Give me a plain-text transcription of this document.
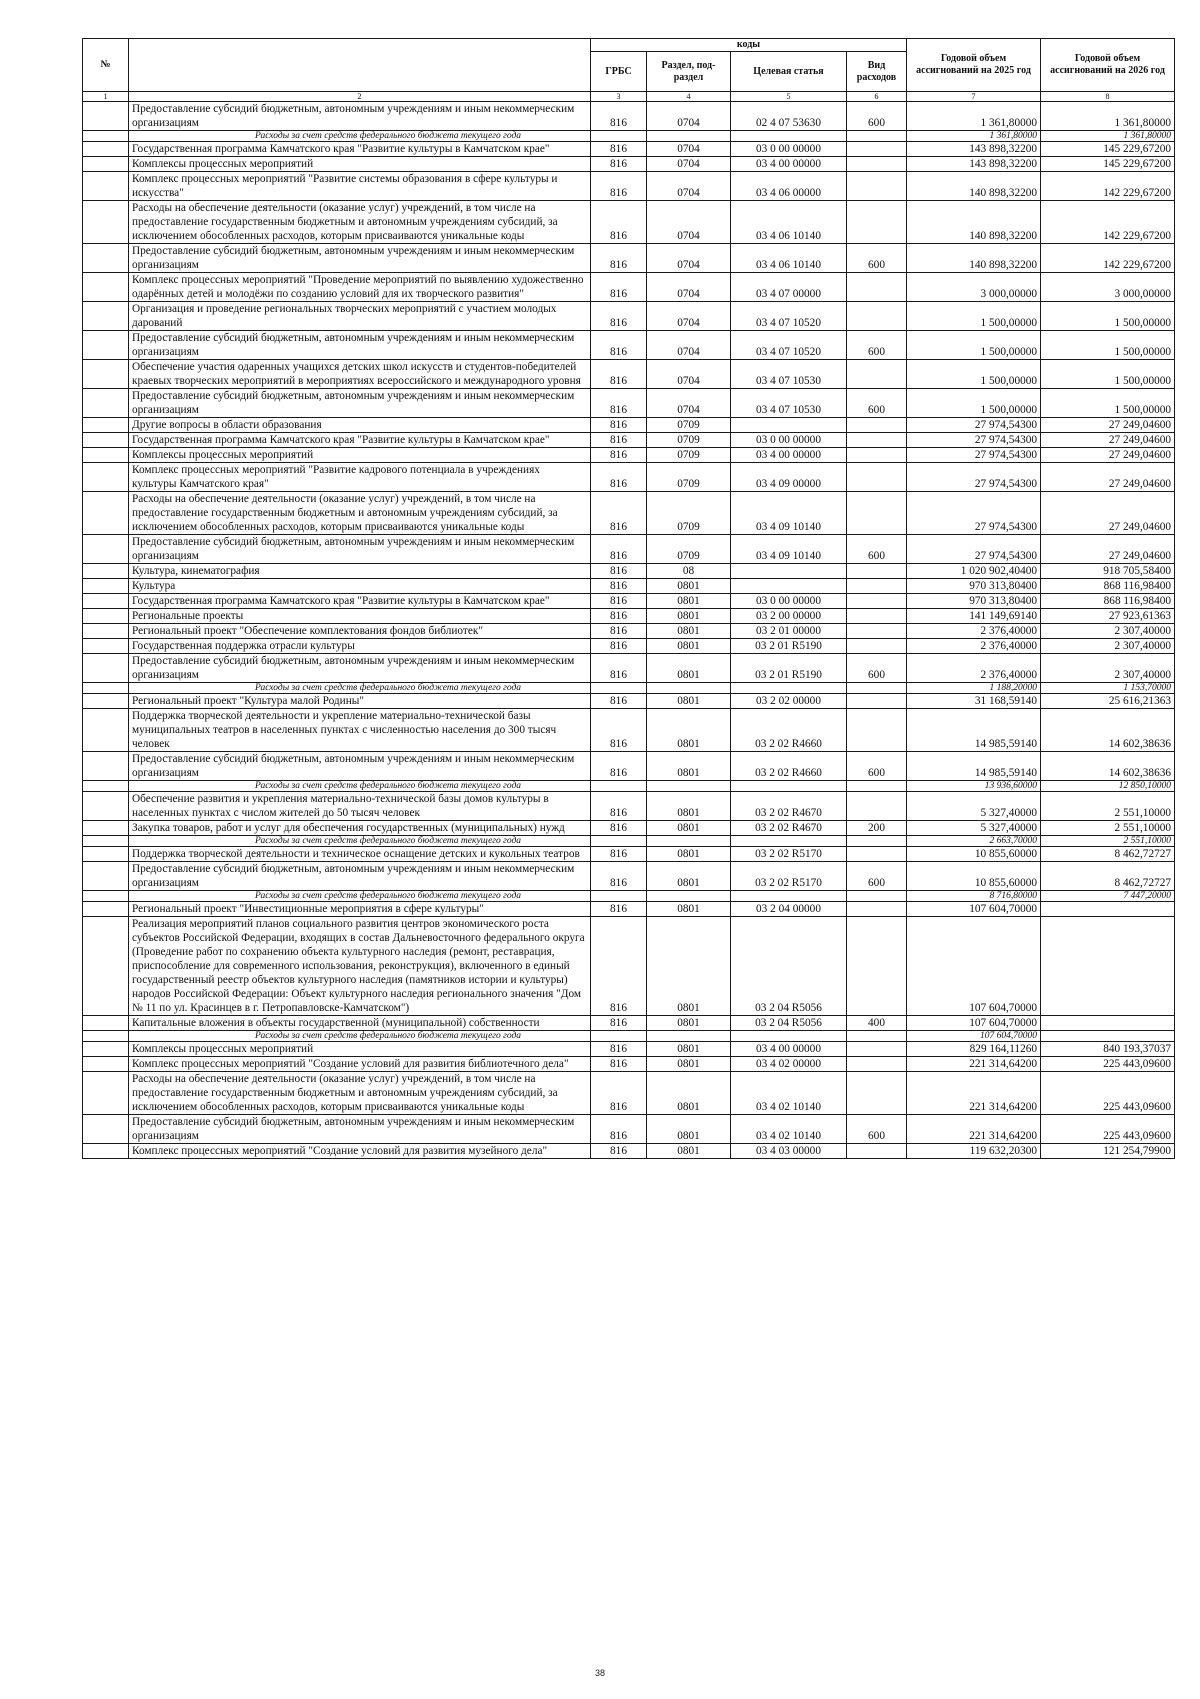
№		коды				Годовой объем ассигнований на 2025 год	Годовой объем ассигнований на 2026 год
		ГРБС	Раздел, под-раздел	Целевая статья	Вид расходов		
1	2	3	4	5	6	7	8
	Предоставление субсидий бюджетным, автономным учреждениям и иным некоммерческим организациям	816	0704	02 4 07 53630	600	1 361,80000	1 361,80000
	Расходы за счет средств федерального бюджета текущего года					1 361,80000	1 361,80000
	Государственная программа Камчатского края "Развитие культуры в Камчатском крае"	816	0704	03 0 00 00000		143 898,32200	145 229,67200
	Комплексы процессных мероприятий	816	0704	03 4 00 00000		143 898,32200	145 229,67200
	Комплекс процессных мероприятий "Развитие системы образования в сфере культуры и искусства"	816	0704	03 4 06 00000		140 898,32200	142 229,67200
	Расходы на обеспечение деятельности (оказание услуг) учреждений, в том числе на предоставление государственным бюджетным и автономным учреждениям субсидий, за исключением обособленных расходов, которым присваиваются уникальные коды	816	0704	03 4 06 10140		140 898,32200	142 229,67200
	Предоставление субсидий бюджетным, автономным учреждениям и иным некоммерческим организациям	816	0704	03 4 06 10140	600	140 898,32200	142 229,67200
	Комплекс процессных мероприятий "Проведение мероприятий по выявлению художественно одарённых детей и молодёжи по созданию условий для их творческого развития"	816	0704	03 4 07 00000		3 000,00000	3 000,00000
	Организация и проведение региональных творческих мероприятий с участием молодых дарований	816	0704	03 4 07 10520		1 500,00000	1 500,00000
	Предоставление субсидий бюджетным, автономным учреждениям и иным некоммерческим организациям	816	0704	03 4 07 10520	600	1 500,00000	1 500,00000
	Обеспечение участия одаренных учащихся детских школ искусств и студентов-победителей краевых творческих мероприятий в мероприятиях всероссийского и международного уровня	816	0704	03 4 07 10530		1 500,00000	1 500,00000
	Предоставление субсидий бюджетным, автономным учреждениям и иным некоммерческим организациям	816	0704	03 4 07 10530	600	1 500,00000	1 500,00000
	Другие вопросы в области образования	816	0709			27 974,54300	27 249,04600
	Государственная программа Камчатского края "Развитие культуры в Камчатском крае"	816	0709	03 0 00 00000		27 974,54300	27 249,04600
	Комплексы процессных мероприятий	816	0709	03 4 00 00000		27 974,54300	27 249,04600
	Комплекс процессных мероприятий "Развитие кадрового потенциала в учреждениях культуры Камчатского края"	816	0709	03 4 09 00000		27 974,54300	27 249,04600
	Расходы на обеспечение деятельности (оказание услуг) учреждений, в том числе на предоставление государственным бюджетным и автономным учреждениям субсидий, за исключением обособленных расходов, которым присваиваются уникальные коды	816	0709	03 4 09 10140		27 974,54300	27 249,04600
	Предоставление субсидий бюджетным, автономным учреждениям и иным некоммерческим организациям	816	0709	03 4 09 10140	600	27 974,54300	27 249,04600
	Культура, кинематография	816	08			1 020 902,40400	918 705,58400
	Культура	816	0801			970 313,80400	868 116,98400
	Государственная программа Камчатского края "Развитие культуры в Камчатском крае"	816	0801	03 0 00 00000		970 313,80400	868 116,98400
	Региональные проекты	816	0801	03 2 00 00000		141 149,69140	27 923,61363
	Региональный проект "Обеспечение комплектования фондов библиотек"	816	0801	03 2 01 00000		2 376,40000	2 307,40000
	Государственная поддержка отрасли культуры	816	0801	03 2 01 R5190		2 376,40000	2 307,40000
	Предоставление субсидий бюджетным, автономным учреждениям и иным некоммерческим организациям	816	0801	03 2 01 R5190	600	2 376,40000	2 307,40000
	Расходы за счет средств федерального бюджета текущего года					1 188,20000	1 153,70000
	Региональный проект "Культура малой Родины"	816	0801	03 2 02 00000		31 168,59140	25 616,21363
	Поддержка творческой деятельности и укрепление материально-технической базы муниципальных театров в населенных пунктах с численностью населения до 300 тысяч человек	816	0801	03 2 02 R4660		14 985,59140	14 602,38636
	Предоставление субсидий бюджетным, автономным учреждениям и иным некоммерческим организациям	816	0801	03 2 02 R4660	600	14 985,59140	14 602,38636
	Расходы за счет средств федерального бюджета текущего года					13 936,60000	12 850,10000
	Обеспечение развития и укрепления материально-технической базы домов культуры в населенных пунктах с числом жителей до 50 тысяч человек	816	0801	03 2 02 R4670		5 327,40000	2 551,10000
	Закупка товаров, работ и услуг для обеспечения государственных (муниципальных) нужд	816	0801	03 2 02 R4670	200	5 327,40000	2 551,10000
	Расходы за счет средств федерального бюджета текущего года					2 663,70000	2 551,10000
	Поддержка творческой деятельности и техническое оснащение детских и кукольных театров	816	0801	03 2 02 R5170		10 855,60000	8 462,72727
	Предоставление субсидий бюджетным, автономным учреждениям и иным некоммерческим организациям	816	0801	03 2 02 R5170	600	10 855,60000	8 462,72727
	Расходы за счет средств федерального бюджета текущего года					8 716,80000	7 447,20000
	Региональный проект "Инвестиционные мероприятия в сфере культуры"	816	0801	03 2 04 00000		107 604,70000	
	Реализация мероприятий планов социального развития центров экономического роста субъектов Российской Федерации, входящих в состав Дальневосточного федерального округа (Проведение работ по сохранению объекта культурного наследия (ремонт, реставрация, приспособление для современного использования, реконструкция), включенного в единый государственный реестр объектов культурного наследия (памятников истории и культуры) народов Российской Федерации: Объект культурного наследия регионального значения "Дом № 11 по ул. Красинцев в г. Петропавловске-Камчатском")	816	0801	03 2 04 R5056		107 604,70000	
	Капитальные вложения в объекты государственной (муниципальной) собственности	816	0801	03 2 04 R5056	400	107 604,70000	
	Расходы за счет средств федерального бюджета текущего года					107 604,70000	
	Комплексы процессных мероприятий	816	0801	03 4 00 00000		829 164,11260	840 193,37037
	Комплекс процессных мероприятий "Создание условий для развития библиотечного дела"	816	0801	03 4 02 00000		221 314,64200	225 443,09600
	Расходы на обеспечение деятельности (оказание услуг) учреждений, в том числе на предоставление государственным бюджетным и автономным учреждениям субсидий, за исключением обособленных расходов, которым присваиваются уникальные коды	816	0801	03 4 02 10140		221 314,64200	225 443,09600
	Предоставление субсидий бюджетным, автономным учреждениям и иным некоммерческим организациям	816	0801	03 4 02 10140	600	221 314,64200	225 443,09600
	Комплекс процессных мероприятий "Создание условий для развития музейного дела"	816	0801	03 4 03 00000		119 632,20300	121 254,79900
38
